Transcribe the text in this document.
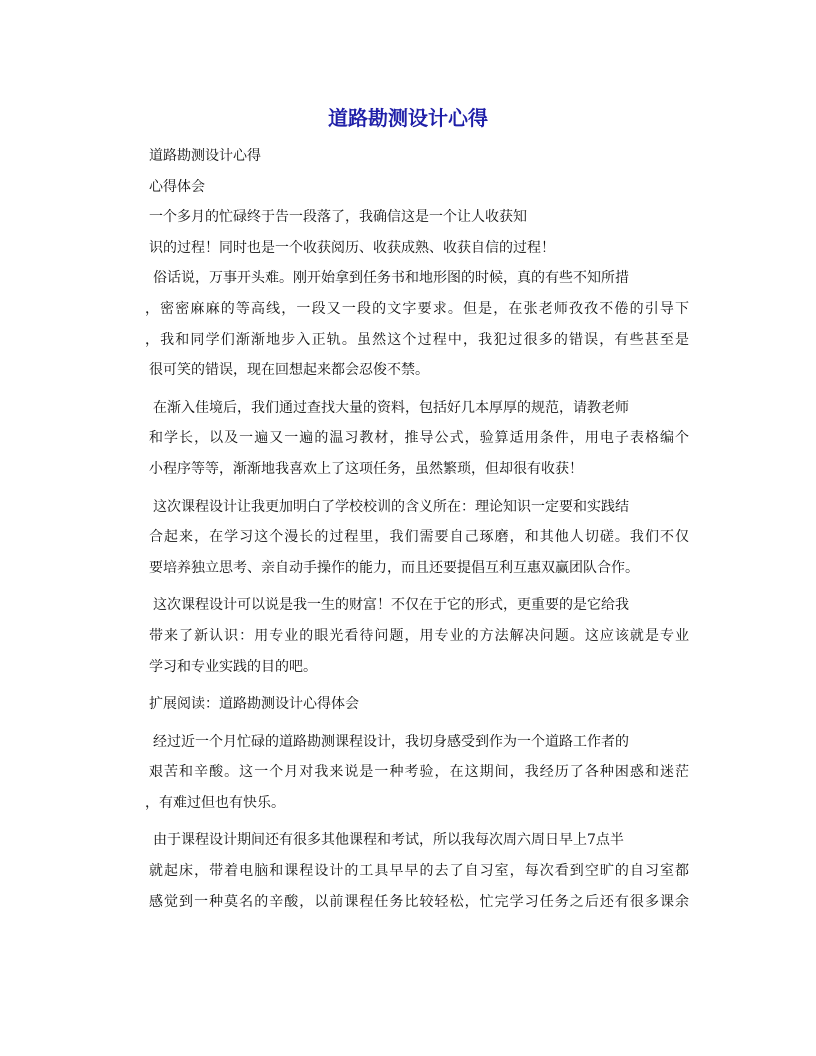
道路勘测设计心得
道路勘测设计心得
心得体会
一个多月的忙碌终于告一段落了，我确信这是一个让人收获知
识的过程！同时也是一个收获阅历、收获成熟、收获自信的过程！
俗话说，万事开头难。刚开始拿到任务书和地形图的时候，真的有些不知所措
，密密麻麻的等高线，一段又一段的文字要求。但是，在张老师孜孜不倦的引导下
，我和同学们渐渐地步入正轨。虽然这个过程中，我犯过很多的错误，有些甚至是
很可笑的错误，现在回想起来都会忍俊不禁。
在渐入佳境后，我们通过查找大量的资料，包括好几本厚厚的规范，请教老师
和学长，以及一遍又一遍的温习教材，推导公式，验算适用条件，用电子表格编个
小程序等等，渐渐地我喜欢上了这项任务，虽然繁琐，但却很有收获！
这次课程设计让我更加明白了学校校训的含义所在：理论知识一定要和实践结
合起来，在学习这个漫长的过程里，我们需要自己琢磨，和其他人切磋。我们不仅
要培养独立思考、亲自动手操作的能力，而且还要提倡互利互惠双赢团队合作。
这次课程设计可以说是我一生的财富！不仅在于它的形式，更重要的是它给我
带来了新认识：用专业的眼光看待问题，用专业的方法解决问题。这应该就是专业
学习和专业实践的目的吧。
扩展阅读：道路勘测设计心得体会
经过近一个月忙碌的道路勘测课程设计，我切身感受到作为一个道路工作者的
艰苦和辛酸。这一个月对我来说是一种考验，在这期间，我经历了各种困惑和迷茫
，有难过但也有快乐。
由于课程设计期间还有很多其他课程和考试，所以我每次周六周日早上7点半
就起床，带着电脑和课程设计的工具早早的去了自习室，每次看到空旷的自习室都
感觉到一种莫名的辛酸，以前课程任务比较轻松，忙完学习任务之后还有很多课余
